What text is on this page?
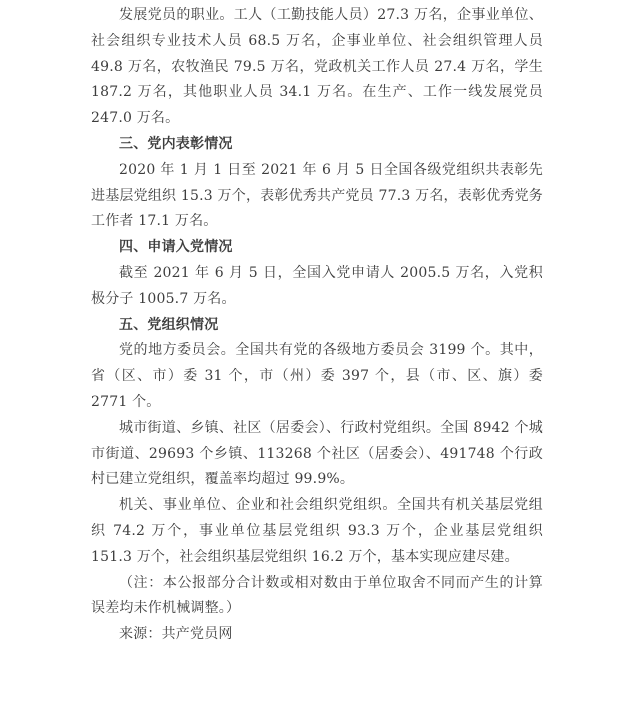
发展党员的职业。工人（工勤技能人员）27.3 万名，企事业单位、社会组织专业技术人员 68.5 万名，企事业单位、社会组织管理人员 49.8 万名，农牧渔民 79.5 万名，党政机关工作人员 27.4 万名，学生 187.2 万名，其他职业人员 34.1 万名。在生产、工作一线发展党员 247.0 万名。

三、党内表彰情况

2020 年 1 月 1 日至 2021 年 6 月 5 日全国各级党组织共表彰先进基层党组织 15.3 万个，表彰优秀共产党员 77.3 万名，表彰优秀党务工作者 17.1 万名。

四、申请入党情况

截至 2021 年 6 月 5 日，全国入党申请人 2005.5 万名，入党积极分子 1005.7 万名。

五、党组织情况

党的地方委员会。全国共有党的各级地方委员会 3199 个。其中，省（区、市）委 31 个，市（州）委 397 个，县（市、区、旗）委 2771 个。

城市街道、乡镇、社区（居委会）、行政村党组织。全国 8942 个城市街道、29693 个乡镇、113268 个社区（居委会）、491748 个行政村已建立党组织，覆盖率均超过 99.9%。

机关、事业单位、企业和社会组织党组织。全国共有机关基层党组织 74.2 万个，事业单位基层党组织 93.3 万个，企业基层党组织 151.3 万个，社会组织基层党组织 16.2 万个，基本实现应建尽建。

（注：本公报部分合计数或相对数由于单位取舍不同而产生的计算误差均未作机械调整。）

来源：共产党员网
